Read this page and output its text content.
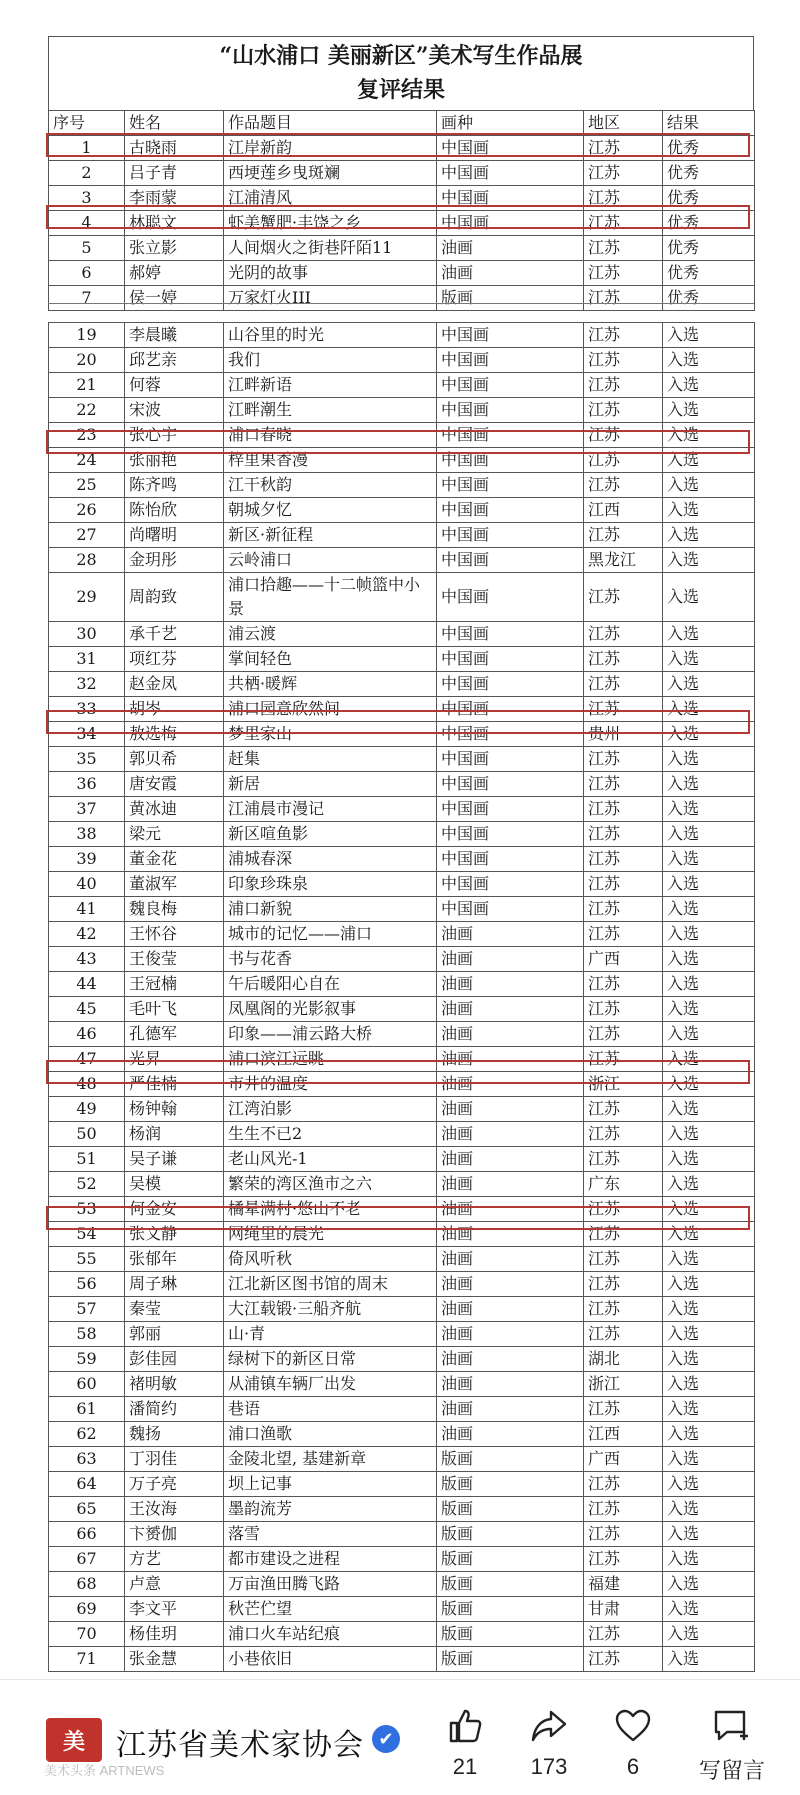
“山水浦口 美丽新区”美术写生作品展
复评结果
序号	姓名	作品题目	画种	地区	结果
1	古晓雨	江岸新韵	中国画	江苏	优秀
2	吕子青	西埂莲乡曳斑斓	中国画	江苏	优秀
3	李雨蒙	江浦清风	中国画	江苏	优秀
4	林聪文	虾美蟹肥·丰饶之乡	中国画	江苏	优秀
5	张立影	人间烟火之街巷阡陌11	油画	江苏	优秀
6	郝婷	光阴的故事	油画	江苏	优秀
7	侯一婷	万家灯火III	版画	江苏	优秀
19	李晨曦	山谷里的时光	中国画	江苏	入选
20	邱艺亲	我们	中国画	江苏	入选
21	何蓉	江畔新语	中国画	江苏	入选
22	宋波	江畔潮生	中国画	江苏	入选
23	张心宇	浦口春晓	中国画	江苏	入选
24	张丽艳	梓里果香漫	中国画	江苏	入选
25	陈齐鸣	江干秋韵	中国画	江苏	入选
26	陈怡欣	朝城夕忆	中国画	江西	入选
27	尚曙明	新区·新征程	中国画	江苏	入选
28	金玥彤	云岭浦口	中国画	黑龙江	入选
29	周韵致	浦口拾趣——十二帧篮中小景	中国画	江苏	入选
30	承千艺	浦云渡	中国画	江苏	入选
31	项红芬	掌间轻色	中国画	江苏	入选
32	赵金凤	共栖·暖辉	中国画	江苏	入选
33	胡岑	浦口园意欣然间	中国画	江苏	入选
34	敖选梅	梦里家山	中国画	贵州	入选
35	郭贝希	赶集	中国画	江苏	入选
36	唐安霞	新居	中国画	江苏	入选
37	黄冰迪	江浦晨市漫记	中国画	江苏	入选
38	梁元	新区喧鱼影	中国画	江苏	入选
39	董金花	浦城春深	中国画	江苏	入选
40	董淑军	印象珍珠泉	中国画	江苏	入选
41	魏良梅	浦口新貌	中国画	江苏	入选
42	王怀谷	城市的记忆——浦口	油画	江苏	入选
43	王俊莹	书与花香	油画	广西	入选
44	王冠楠	午后暖阳心自在	油画	江苏	入选
45	毛叶飞	凤凰阁的光影叙事	油画	江苏	入选
46	孔德军	印象——浦云路大桥	油画	江苏	入选
47	光昇	浦口滨江远眺	油画	江苏	入选
48	严佳楠	市井的温度	油画	浙江	入选
49	杨钟翰	江湾泊影	油画	江苏	入选
50	杨润	生生不已2	油画	江苏	入选
51	吴子谦	老山风光-1	油画	江苏	入选
52	吴模	繁荣的湾区渔市之六	油画	广东	入选
53	何金安	橘晕满村·悠山不老	油画	江苏	入选
54	张文静	网绳里的晨光	油画	江苏	入选
55	张郁年	倚风听秋	油画	江苏	入选
56	周子琳	江北新区图书馆的周末	油画	江苏	入选
57	秦莹	大江载锻·三船齐航	油画	江苏	入选
58	郭丽	山·青	油画	江苏	入选
59	彭佳园	绿树下的新区日常	油画	湖北	入选
60	褚明敏	从浦镇车辆厂出发	油画	浙江	入选
61	潘简约	巷语	油画	江苏	入选
62	魏扬	浦口渔歌	油画	江西	入选
63	丁羽佳	金陵北望, 基建新章	版画	广西	入选
64	万子亮	坝上记事	版画	江苏	入选
65	王汝海	墨韵流芳	版画	江苏	入选
66	卞赟伽	落雪	版画	江苏	入选
67	方艺	都市建设之进程	版画	江苏	入选
68	卢意	万亩渔田腾飞路	版画	福建	入选
69	李文平	秋芒伫望	版画	甘肃	入选
70	杨佳玥	浦口火车站纪痕	版画	江苏	入选
71	张金慧	小巷依旧	版画	江苏	入选
美 江苏省美术家协会 ✔
美术头条 ARTNEWS	21	173	6	写留言
